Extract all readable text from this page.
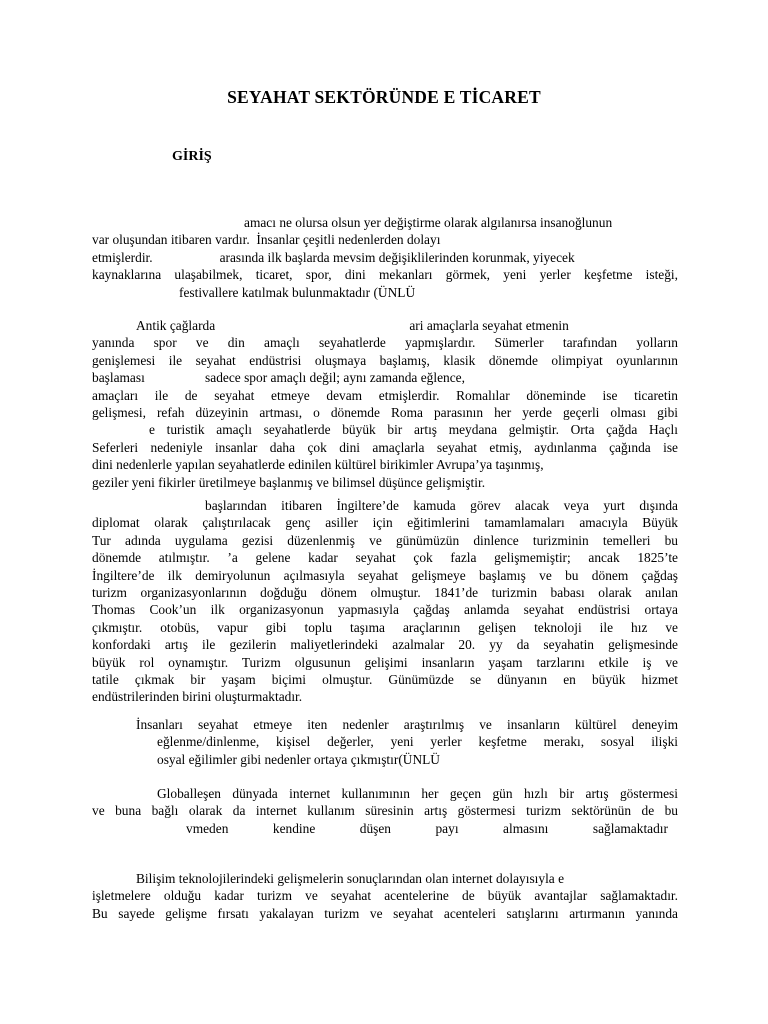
SEYAHAT SEKTÖRÜNDE E TİCARET
GİRİŞ
amacı ne olursa olsun yer değiştirme olarak algılanırsa insanoğlunun
var oluşundan itibaren vardır.  İnsanlar çeşitli nedenlerden dolayı
etmişlerdir.                    arasında ilk başlarda mevsim değişiklilerinden korunmak, yiyecek
kaynaklarına ulaşabilmek, ticaret, spor, dini mekanları görmek, yeni yerler keşfetme isteği,
festivallere katılmak bulunmaktadır (ÜNLÜ
Antik çağlarda                                                          ari amaçlarla seyahat etmenin
yanında spor ve din amaçlı seyahatlerde yapmışlardır. Sümerler tarafından yolların
genişlemesi ile seyahat endüstrisi oluşmaya başlamış, klasik dönemde olimpiyat oyunlarının
başlaması                  sadece spor amaçlı değil; aynı zamanda eğlence,
amaçları ile de seyahat etmeye devam etmişlerdir. Romalılar döneminde ise ticaretin
gelişmesi, refah düzeyinin artması, o dönemde Roma parasının her yerde geçerli olması gibi
e turistik amaçlı seyahatlerde büyük bir artış meydana gelmiştir. Orta çağda Haçlı
Seferleri nedeniyle insanlar daha çok dini amaçlarla seyahat etmiş, aydınlanma çağında ise
dini nedenlerle yapılan seyahatlerde edinilen kültürel birikimler Avrupa’ya taşınmış,
geziler yeni fikirler üretilmeye başlanmış ve bilimsel düşünce gelişmiştir.
başlarından itibaren İngiltere’de kamuda görev alacak veya yurt dışında
diplomat olarak çalıştırılacak genç asiller için eğitimlerini tamamlamaları amacıyla Büyük
Tur adında uygulama gezisi düzenlenmiş ve günümüzün dinlence turizminin temelleri bu
dönemde atılmıştır. ’a gelene kadar seyahat çok fazla gelişmemiştir; ancak 1825’te
İngiltere’de ilk demiryolunun açılmasıyla seyahat gelişmeye başlamış ve bu dönem çağdaş
turizm organizasyonlarının doğduğu dönem olmuştur. 1841’de turizmin babası olarak anılan
Thomas Cook’un ilk organizasyonun yapmasıyla çağdaş anlamda seyahat endüstrisi ortaya
çıkmıştır. otobüs, vapur gibi toplu taşıma araçlarının gelişen teknoloji ile hız ve
konfordaki artış ile gezilerin maliyetlerindeki azalmalar 20. yy da seyahatin gelişmesinde
büyük rol oynamıştır. Turizm olgusunun gelişimi insanların yaşam tarzlarını etkile iş ve
tatile çıkmak bir yaşam biçimi olmuştur. Günümüzde se dünyanın en büyük hizmet
endüstrilerinden birini oluşturmaktadır.
İnsanları seyahat etmeye iten nedenler araştırılmış ve insanların kültürel deneyim
eğlenme/dinlenme, kişisel değerler, yeni yerler keşfetme merakı, sosyal ilişki
osyal eğilimler gibi nedenler ortaya çıkmıştır(ÜNLÜ
Globalleşen dünyada internet kullanımının her geçen gün hızlı bir artış göstermesi
ve buna bağlı olarak da internet kullanım süresinin artış göstermesi turizm sektörünün de bu
vmeden kendine düşen payı almasını sağlamaktadır
Bilişim teknolojilerindeki gelişmelerin sonuçlarından olan internet dolayısıyla e
işletmelere olduğu kadar turizm ve seyahat acentelerine de büyük avantajlar sağlamaktadır.
Bu sayede gelişme fırsatı yakalayan turizm ve seyahat acenteleri satışlarını artırmanın yanında
